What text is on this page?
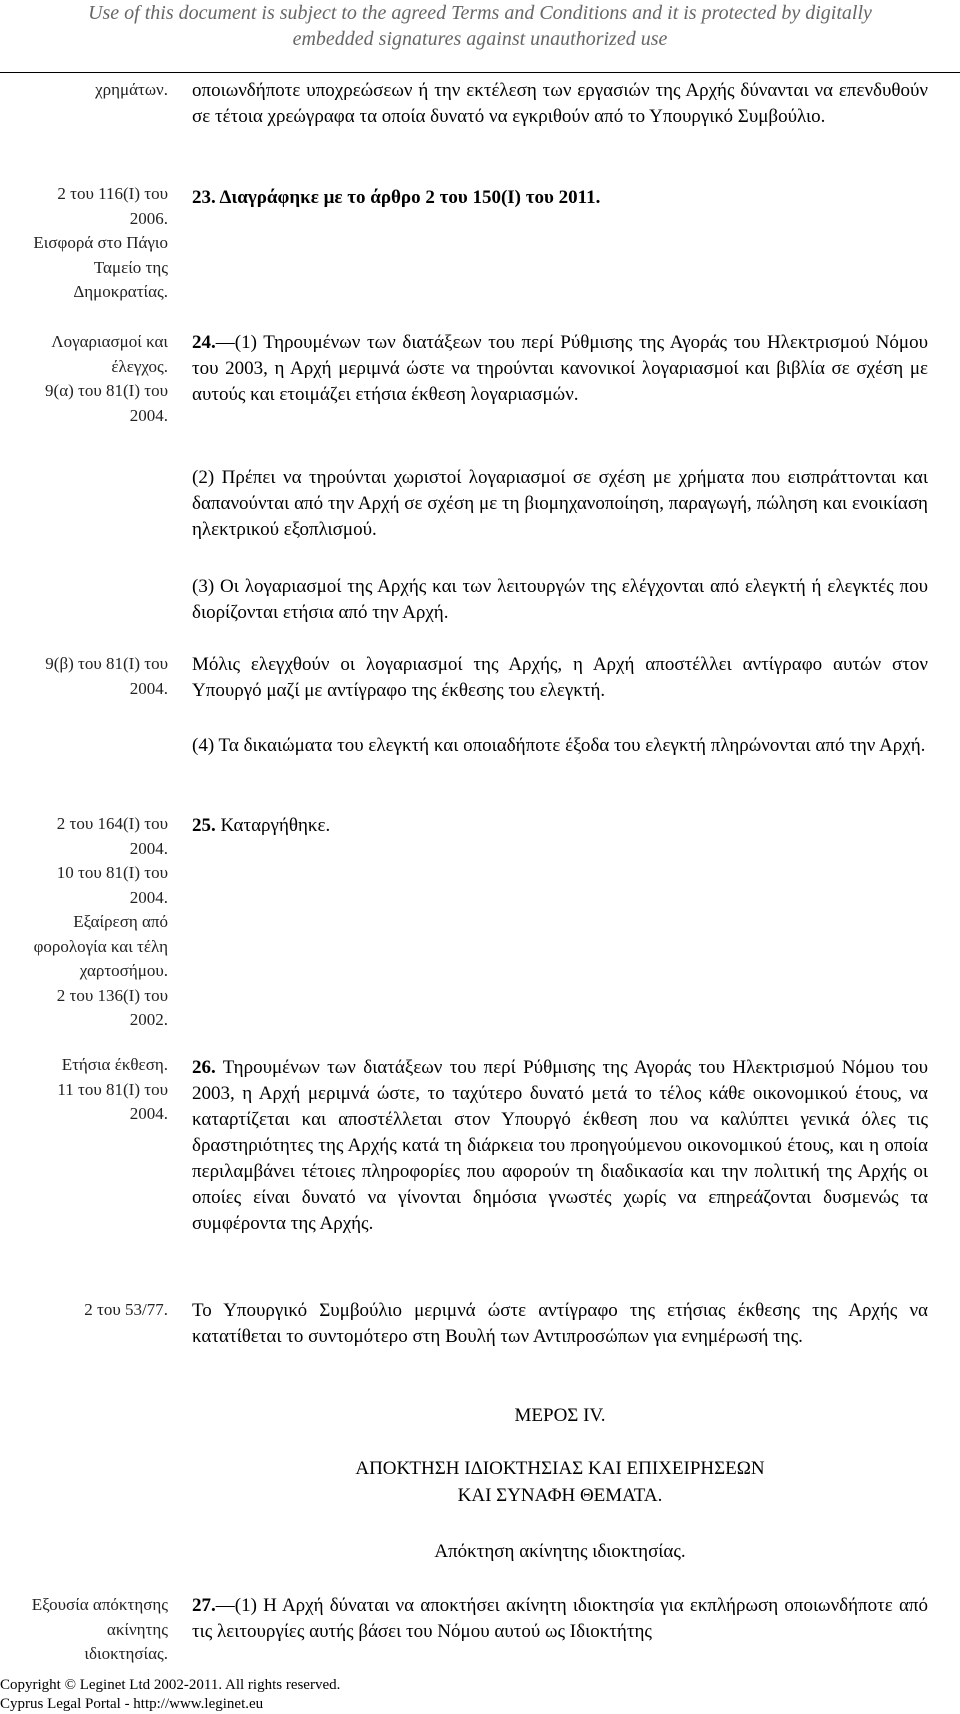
Use of this document is subject to the agreed Terms and Conditions and it is protected by digitally
embedded signatures against unauthorized use
χρημάτων.
2 του 116(Ι) του
2006.
Εισφορά στο Πάγιο
Ταμείο της
Δημοκρατίας.
Λογαριασμοί και
έλεγχος.
9(α) του 81(Ι) του
2004.
9(β) του 81(Ι) του
2004.
2 του 164(Ι) του
2004.
10 του 81(Ι) του
2004.
Εξαίρεση από
φορολογία και τέλη
χαρτοσήμου.
2 του 136(Ι) του
2002.
Ετήσια έκθεση.
11 του 81(Ι) του
2004.
2 του 53/77.
Εξουσία απόκτησης
ακίνητης
ιδιοκτησίας.
οποιωνδήποτε υποχρεώσεων ή την εκτέλεση των εργασιών της Αρχής δύνανται να επενδυθούν σε τέτοια χρεώγραφα τα οποία δυνατό να εγκριθούν από το Υπουργικό Συμβούλιο.
23. Διαγράφηκε με το άρθρο 2 του 150(Ι) του 2011.
24.—(1) Τηρουμένων των διατάξεων του περί Ρύθμισης της Αγοράς του Ηλεκτρισμού Νόμου του 2003, η Αρχή μεριμνά ώστε να τηρούνται κανονικοί λογαριασμοί και βιβλία σε σχέση με αυτούς και ετοιμάζει ετήσια έκθεση λογαριασμών.
(2) Πρέπει να τηρούνται χωριστοί λογαριασμοί σε σχέση με χρήματα που εισπράττονται και δαπανούνται από την Αρχή σε σχέση με τη βιομηχανοποίηση, παραγωγή, πώληση και ενοικίαση ηλεκτρικού εξοπλισμού.
(3) Οι λογαριασμοί της Αρχής και των λειτουργών της ελέγχονται από ελεγκτή ή ελεγκτές που διορίζονται ετήσια από την Αρχή.
Μόλις ελεγχθούν οι λογαριασμοί της Αρχής, η Αρχή αποστέλλει αντίγραφο αυτών στον Υπουργό μαζί με αντίγραφο της έκθεσης του ελεγκτή.
(4) Τα δικαιώματα του ελεγκτή και οποιαδήποτε έξοδα του ελεγκτή πληρώνονται από την Αρχή.
25. Καταργήθηκε.
26. Τηρουμένων των διατάξεων του περί Ρύθμισης της Αγοράς του Ηλεκτρισμού Νόμου του 2003, η Αρχή μεριμνά ώστε, το ταχύτερο δυνατό μετά το τέλος κάθε οικονομικού έτους, να καταρτίζεται και αποστέλλεται στον Υπουργό έκθεση που να καλύπτει γενικά όλες τις δραστηριότητες της Αρχής κατά τη διάρκεια του προηγούμενου οικονομικού έτους, και η οποία περιλαμβάνει τέτοιες πληροφορίες που αφορούν τη διαδικασία και την πολιτική της Αρχής οι οποίες είναι δυνατό να γίνονται δημόσια γνωστές χωρίς να επηρεάζονται δυσμενώς τα συμφέροντα της Αρχής.
Το Υπουργικό Συμβούλιο μεριμνά ώστε αντίγραφο της ετήσιας έκθεσης της Αρχής να κατατίθεται το συντομότερο στη Βουλή των Αντιπροσώπων για ενημέρωσή της.
ΜΕΡΟΣ IV.
ΑΠΟΚΤΗΣΗ ΙΔΙΟΚΤΗΣΙΑΣ ΚΑΙ ΕΠΙΧΕΙΡΗΣΕΩΝ
ΚΑΙ ΣΥΝΑΦΗ ΘΕΜΑΤΑ.
Απόκτηση ακίνητης ιδιοκτησίας.
27.—(1) Η Αρχή δύναται να αποκτήσει ακίνητη ιδιοκτησία για εκπλήρωση οποιωνδήποτε από τις λειτουργίες αυτής βάσει του Νόμου αυτού ως Ιδιοκτήτης
Copyright © Leginet Ltd 2002-2011. All rights reserved.
Cyprus Legal Portal - http://www.leginet.eu
